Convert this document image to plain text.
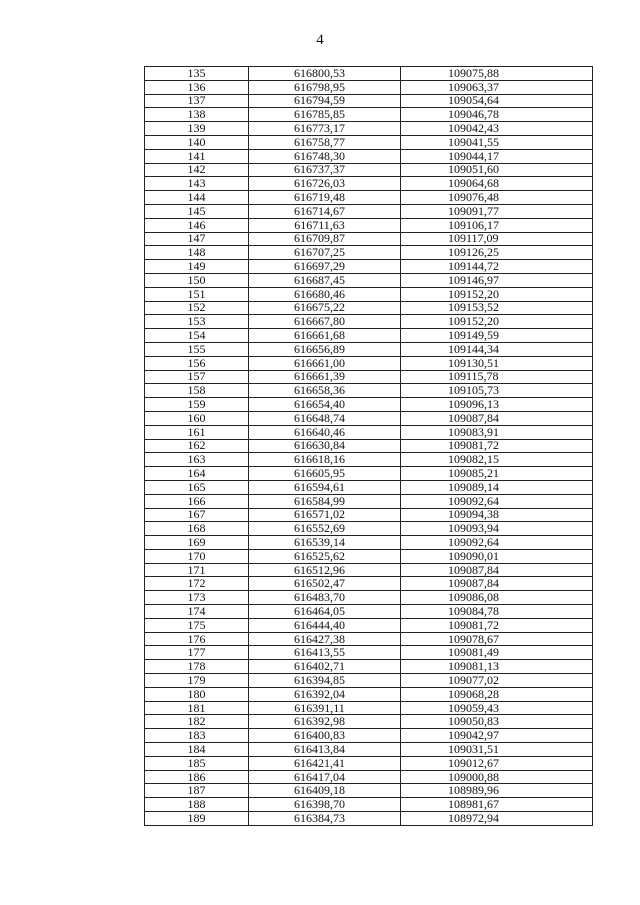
4
135	616800,53	109075,88
136	616798,95	109063,37
137	616794,59	109054,64
138	616785,85	109046,78
139	616773,17	109042,43
140	616758,77	109041,55
141	616748,30	109044,17
142	616737,37	109051,60
143	616726,03	109064,68
144	616719,48	109076,48
145	616714,67	109091,77
146	616711,63	109106,17
147	616709,87	109117,09
148	616707,25	109126,25
149	616697,29	109144,72
150	616687,45	109146,97
151	616680,46	109152,20
152	616675,22	109153,52
153	616667,80	109152,20
154	616661,68	109149,59
155	616656,89	109144,34
156	616661,00	109130,51
157	616661,39	109115,78
158	616658,36	109105,73
159	616654,40	109096,13
160	616648,74	109087,84
161	616640,46	109083,91
162	616630,84	109081,72
163	616618,16	109082,15
164	616605,95	109085,21
165	616594,61	109089,14
166	616584,99	109092,64
167	616571,02	109094,38
168	616552,69	109093,94
169	616539,14	109092,64
170	616525,62	109090,01
171	616512,96	109087,84
172	616502,47	109087,84
173	616483,70	109086,08
174	616464,05	109084,78
175	616444,40	109081,72
176	616427,38	109078,67
177	616413,55	109081,49
178	616402,71	109081,13
179	616394,85	109077,02
180	616392,04	109068,28
181	616391,11	109059,43
182	616392,98	109050,83
183	616400,83	109042,97
184	616413,84	109031,51
185	616421,41	109012,67
186	616417,04	109000,88
187	616409,18	108989,96
188	616398,70	108981,67
189	616384,73	108972,94
